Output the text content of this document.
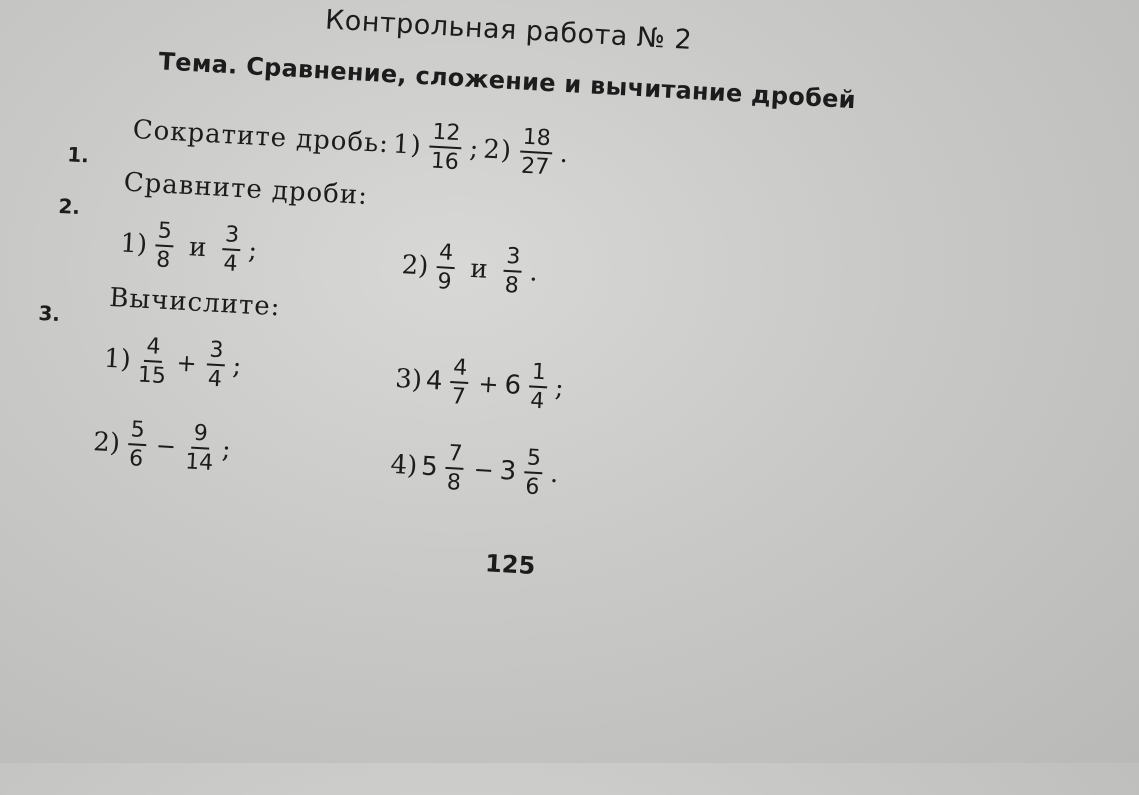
Контрольная работа № 2
Тема. Сравнение, сложение и вычитание дробей
1. Сократите дробь: $1) \frac{12}{16}$ ; $2) \frac{18}{27}$ .
2. Сравните дроби:
$1) \frac{5}{8}$ и $\frac{3}{4}$ ;	$2) \frac{4}{9}$ и $\frac{3}{8}$ .
3. Вычислите:
$1) \frac{4}{15} + \frac{3}{4}$ ;
$2) \frac{5}{6} - \frac{9}{14}$ ;
3) $4 \frac{4}{7} + 6 \frac{1}{4}$ ;
4) $5 \frac{7}{8} - 3 \frac{5}{6}$ .
125
